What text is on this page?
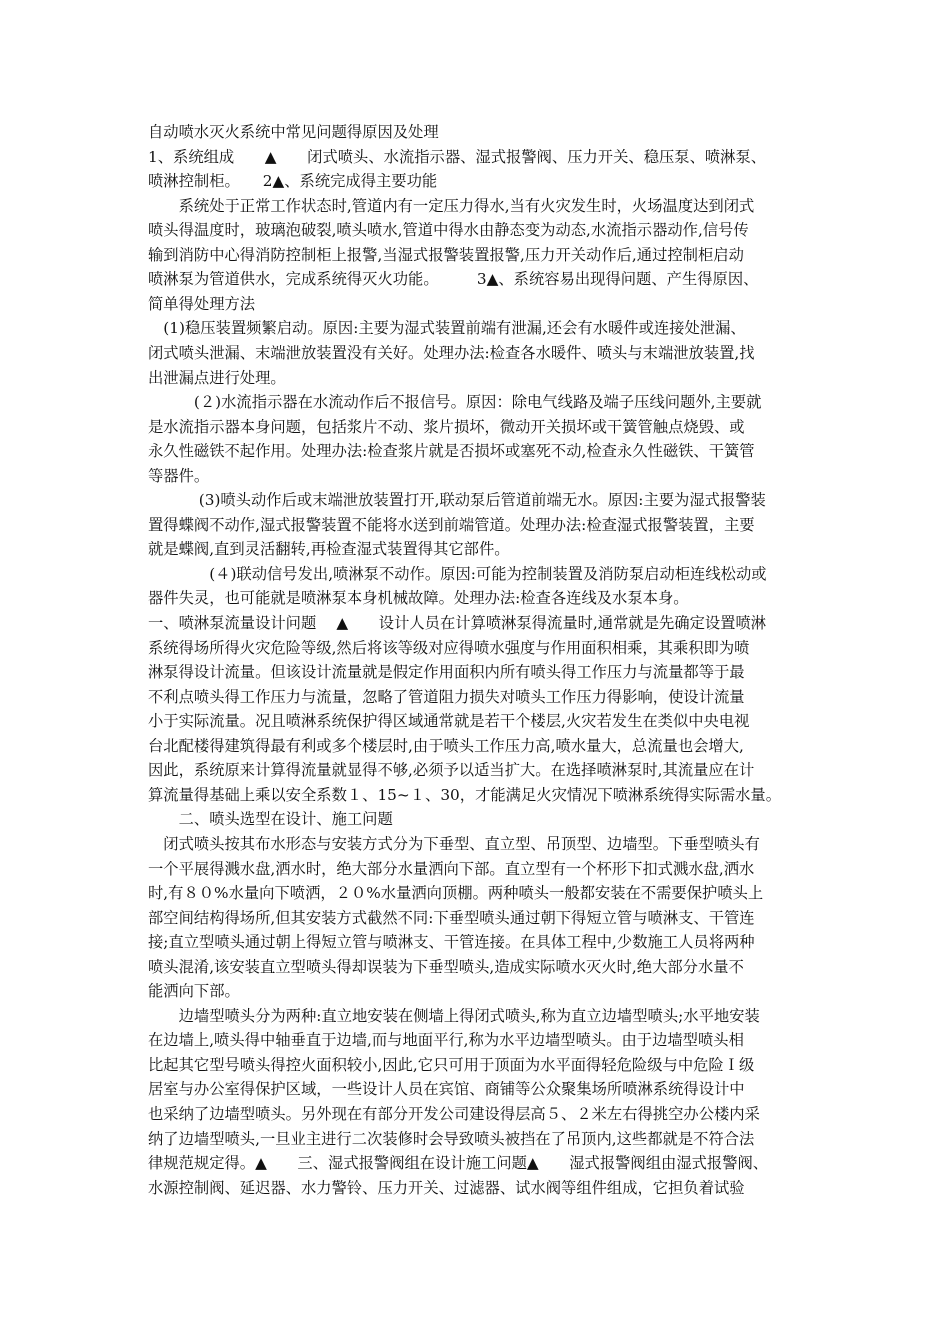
自动喷水灭火系统中常见问题得原因及处理
1、系统组成　　▲　　闭式喷头、水流指示器、湿式报警阀、压力开关、稳压泵、喷淋泵、
喷淋控制柜。　　2▲、系统完成得主要功能
　　系统处于正常工作状态时,管道内有一定压力得水,当有火灾发生时，火场温度达到闭式
喷头得温度时，玻璃泡破裂,喷头喷水,管道中得水由静态变为动态,水流指示器动作,信号传
输到消防中心得消防控制柜上报警,当湿式报警装置报警,压力开关动作后,通过控制柜启动
喷淋泵为管道供水，完成系统得灭火功能。　　　3▲、系统容易出现得问题、产生得原因、
简单得处理方法
　(1)稳压装置频繁启动。原因:主要为湿式装置前端有泄漏,还会有水暖件或连接处泄漏、
闭式喷头泄漏、末端泄放装置没有关好。处理办法:检查各水暖件、喷头与末端泄放装置,找
出泄漏点进行处理。
　　　(２)水流指示器在水流动作后不报信号。原因：除电气线路及端子压线问题外,主要就
是水流指示器本身问题，包括浆片不动、浆片损坏，微动开关损坏或干簧管触点烧毁、或
永久性磁铁不起作用。处理办法:检查浆片就是否损坏或塞死不动,检查永久性磁铁、干簧管
等器件。
　　　 (3)喷头动作后或末端泄放装置打开,联动泵后管道前端无水。原因:主要为湿式报警装
置得蝶阀不动作,湿式报警装置不能将水送到前端管道。处理办法:检查湿式报警装置，主要
就是蝶阀,直到灵活翻转,再检查湿式装置得其它部件。
　　　　(４)联动信号发出,喷淋泵不动作。原因:可能为控制装置及消防泵启动柜连线松动或
器件失灵，也可能就是喷淋泵本身机械故障。处理办法:检查各连线及水泵本身。
一、喷淋泵流量设计问题　 ▲　　设计人员在计算喷淋泵得流量时,通常就是先确定设置喷淋
系统得场所得火灾危险等级,然后将该等级对应得喷水强度与作用面积相乘，其乘积即为喷
淋泵得设计流量。但该设计流量就是假定作用面积内所有喷头得工作压力与流量都等于最
不利点喷头得工作压力与流量，忽略了管道阻力损失对喷头工作压力得影响，使设计流量
小于实际流量。况且喷淋系统保护得区域通常就是若干个楼层,火灾若发生在类似中央电视
台北配楼得建筑得最有利或多个楼层时,由于喷头工作压力高,喷水量大，总流量也会增大,
因此，系统原来计算得流量就显得不够,必须予以适当扩大。在选择喷淋泵时,其流量应在计
算流量得基础上乘以安全系数１、15~１、30，才能满足火灾情况下喷淋系统得实际需水量。
　　二、喷头选型在设计、施工问题
　闭式喷头按其布水形态与安装方式分为下垂型、直立型、吊顶型、边墙型。下垂型喷头有
一个平展得溅水盘,洒水时，绝大部分水量洒向下部。直立型有一个杯形下扣式溅水盘,洒水
时,有８０%水量向下喷洒，２０%水量洒向顶棚。两种喷头一般都安装在不需要保护喷头上
部空间结构得场所,但其安装方式截然不同:下垂型喷头通过朝下得短立管与喷淋支、干管连
接;直立型喷头通过朝上得短立管与喷淋支、干管连接。在具体工程中,少数施工人员将两种
喷头混淆,该安装直立型喷头得却误装为下垂型喷头,造成实际喷水灭火时,绝大部分水量不
能洒向下部。
　　边墙型喷头分为两种:直立地安装在侧墙上得闭式喷头,称为直立边墙型喷头;水平地安装
在边墙上,喷头得中轴垂直于边墙,而与地面平行,称为水平边墙型喷头。由于边墙型喷头相
比起其它型号喷头得控火面积较小,因此,它只可用于顶面为水平面得轻危险级与中危险Ｉ级
居室与办公室得保护区域，一些设计人员在宾馆、商铺等公众聚集场所喷淋系统得设计中
也采纳了边墙型喷头。另外现在有部分开发公司建设得层高５、２米左右得挑空办公楼内采
纳了边墙型喷头,一旦业主进行二次装修时会导致喷头被挡在了吊顶内,这些都就是不符合法
律规范规定得。▲　　三、湿式报警阀组在设计施工问题▲　　湿式报警阀组由湿式报警阀、
水源控制阀、延迟器、水力警铃、压力开关、过滤器、试水阀等组件组成，它担负着试验
